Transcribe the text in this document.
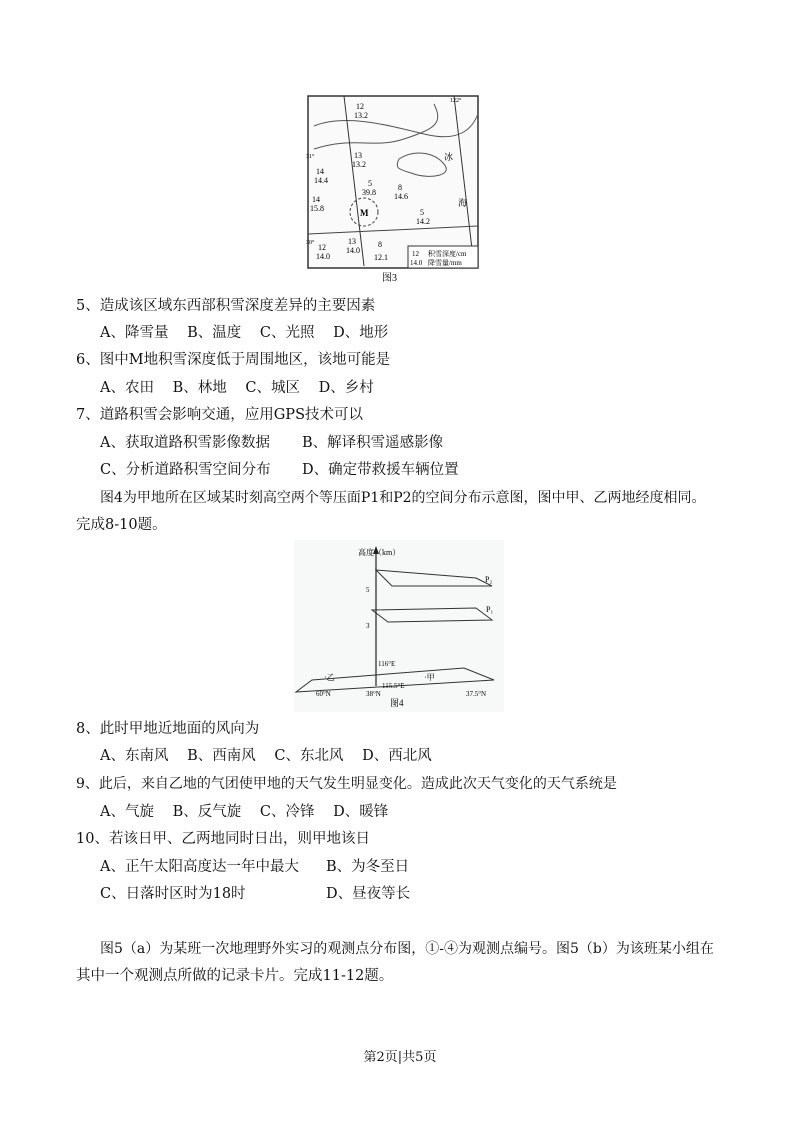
12
13.2
13
13.2
14
14.4	5
39.8
8
14.6
14
15.8	5
14.2
M
冰
海
12
14.0
13
14.0
8
12.1
31°
30°
122°
12
14.0
积雪深度/cm
降雪量/mm
图3
5、造成该区域东西部积雪深度差异的主要因素
A、降雪量 B、温度 C、光照 D、地形
6、图中M地积雪深度低于周围地区，该地可能是
A、农田 B、林地 C、城区 D、乡村
7、道路积雪会影响交通，应用GPS技术可以
A、获取道路积雪影像数据 B、解译积雪遥感影像
C、分析道路积雪空间分布 D、确定带救援车辆位置
图4为甲地所在区域某时刻高空两个等压面P1和P2的空间分布示意图，图中甲、乙两地经度相同。
完成8-10题。
高度（km）
5
3
P₂
P₁
116°E
115.5°E
·乙	·甲
60°N	38°N	37.5°N
图4
8、此时甲地近地面的风向为
A、东南风 B、西南风 C、东北风 D、西北风
9、此后，来自乙地的气团使甲地的天气发生明显变化。造成此次天气变化的天气系统是
A、气旋 B、反气旋 C、冷锋 D、暖锋
10、若该日甲、乙两地同时日出，则甲地该日
A、正午太阳高度达一年中最大 B、为冬至日
C、日落时区时为18时	D、昼夜等长
图5（a）为某班一次地理野外实习的观测点分布图，①-④为观测点编号。图5（b）为该班某小组在
其中一个观测点所做的记录卡片。完成11-12题。
第2页|共5页
